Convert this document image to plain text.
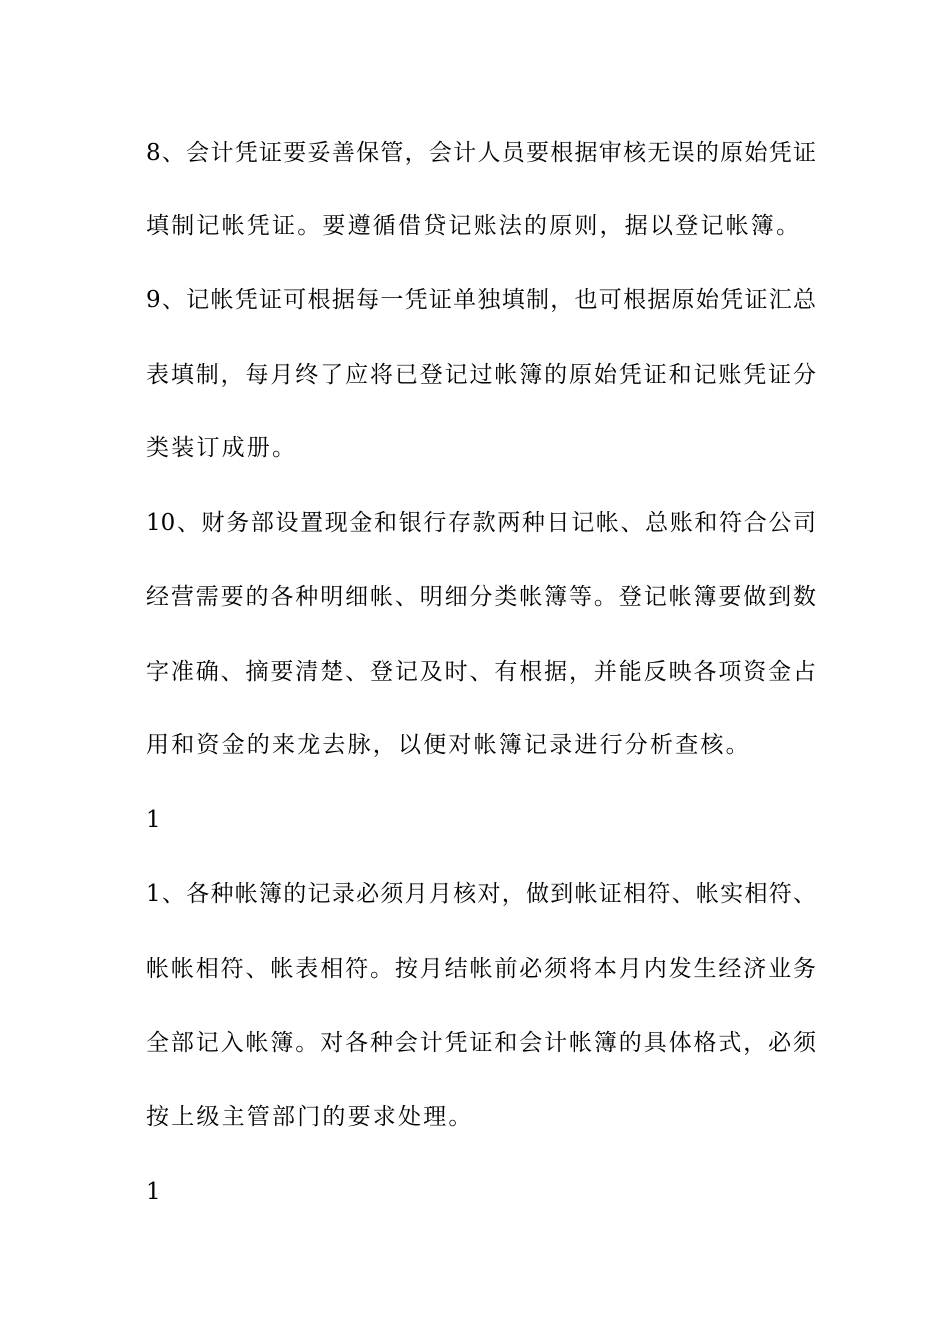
8、会计凭证要妥善保管，会计人员要根据审核无误的原始凭证
填制记帐凭证。要遵循借贷记账法的原则，据以登记帐簿。
9、记帐凭证可根据每一凭证单独填制，也可根据原始凭证汇总
表填制，每月终了应将已登记过帐簿的原始凭证和记账凭证分
类装订成册。
10、财务部设置现金和银行存款两种日记帐、总账和符合公司
经营需要的各种明细帐、明细分类帐簿等。登记帐簿要做到数
字准确、摘要清楚、登记及时、有根据，并能反映各项资金占
用和资金的来龙去脉，以便对帐簿记录进行分析查核。
1
1、各种帐簿的记录必须月月核对，做到帐证相符、帐实相符、
帐帐相符、帐表相符。按月结帐前必须将本月内发生经济业务
全部记入帐簿。对各种会计凭证和会计帐簿的具体格式，必须
按上级主管部门的要求处理。
1
